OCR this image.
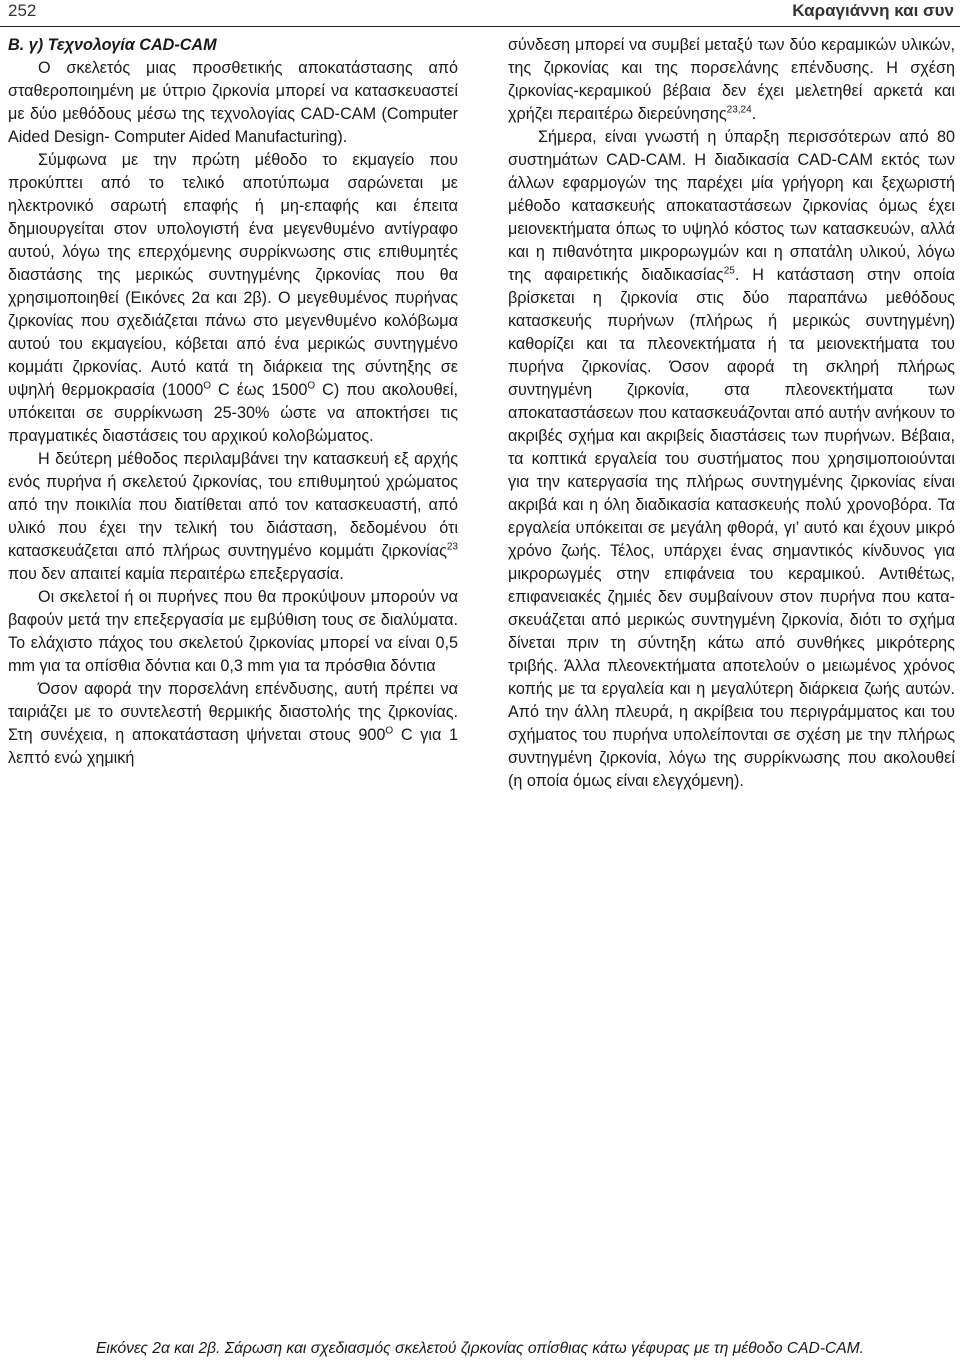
252	Καραγιάννη και συν

Β. γ) Τεχνολογία CAD-CAM

Ο σκελετός μιας προσθετικής αποκατάστασης από σταθεροποιημένη με ύττριο ζιρκονία μπορεί να κατασκευαστεί με δύο μεθόδους μέσω της τεχνολογίας CAD-CAM (Computer Aided Design- Computer Aided Manufacturing).

Σύμφωνα με την πρώτη μέθοδο το εκμαγείο που προκύπτει από το τελικό αποτύπωμα σαρώνεται με ηλεκτρονικό σαρωτή επαφής ή μη-επαφής και έπειτα δημιουργείται στον υπολογιστή ένα μεγενθυμένο αντίγραφο αυτού, λόγω της επερχόμενης συρρίκνωσης στις επιθυμητές διαστάσης της μερικώς συντηγμένης ζιρκονίας που θα χρησιμοποιηθεί (Εικόνες 2α και 2β). Ο μεγεθυμένος πυρήνας ζιρκονίας που σχεδιάζεται πάνω στο μεγενθυμένο κολόβωμα αυτού του εκμαγείου, κόβεται από ένα μερικώς συντηγμένο κομμάτι ζιρκονίας. Αυτό κατά τη διάρκεια της σύντηξης σε υψηλή θερμοκρασία ($1000^O$ C έως $1500^O$ C) που ακολουθεί, υπόκειται σε συρρίκνωση 25-30% ώστε να αποκτήσει τις πραγματικές διαστάσεις του αρχικού κολοβώματος.

Η δεύτερη μέθοδος περιλαμβάνει την κατασκευή εξ αρχής ενός πυρήνα ή σκελετού ζιρκονίας, του επιθυμητού χρώματος από την ποικιλία που διατίθεται από τον κατασκευαστή, από υλικό που έχει την τελική του διάσταση, δεδομένου ότι κατασκευάζεται από πλήρως συντηγμένο κομμάτι ζιρκονίας$^{23}$ που δεν απαιτεί καμία περαιτέρω επεξεργασία.

Οι σκελετοί ή οι πυρήνες που θα προκύψουν μπορούν να βαφούν μετά την επεξεργασία με εμβύθιση τους σε διαλύματα. Το ελάχιστο πάχος του σκελετού ζιρκονίας μπορεί να είναι 0,5 mm για τα οπίσθια δόντια και 0,3 mm για τα πρόσθια δόντια

Όσον αφορά την πορσελάνη επένδυσης, αυτή πρέπει να ταιριάζει με το συντελεστή θερμικής διαστολής της ζιρκονίας. Στη συνέχεια, η αποκατάσταση ψήνεται στους $900^O$ C για 1 λεπτό ενώ χημική

σύνδεση μπορεί να συμβεί μεταξύ των δύο κεραμικών υλικών, της ζιρκονίας και της πορσελάνης επένδυσης. Η σχέση ζιρκονίας-κεραμικού βέβαια δεν έχει μελετηθεί αρκετά και χρήζει περαιτέρω διερεύνησης$^{23,24}$.

Σήμερα, είναι γνωστή η ύπαρξη περισσότερων από 80 συστημάτων CAD-CAM. Η διαδικασία CAD-CAM εκτός των άλλων εφαρμογών της παρέχει μία γρήγορη και ξεχωριστή μέθοδο κατασκευής αποκαταστάσεων ζιρκονίας όμως έχει μειονεκτήματα όπως το υψηλό κόστος των κατασκευών, αλλά και η πιθανότητα μικρορωγμών και η σπατάλη υλικού, λόγω της αφαιρετικής διαδικασίας$^{25}$. Η κατάσταση στην οποία βρίσκεται η ζιρκονία στις δύο παραπάνω μεθόδους κατασκευής πυρήνων (πλήρως ή μερικώς συντηγμένη) καθορίζει και τα πλεονεκτήματα ή τα μειονεκτήματα του πυρήνα ζιρκονίας. Όσον αφορά τη σκληρή πλήρως συντηγμένη ζιρκονία, στα πλεονεκτήματα των αποκαταστάσεων που κατασκευάζονται από αυτήν ανήκουν το ακριβές σχήμα και ακριβείς διαστάσεις των πυρήνων. Βέβαια, τα κοπτικά εργαλεία του συστήματος που χρησιμοποιούνται για την κατεργασία της πλήρως συντηγμένης ζιρκονίας είναι ακριβά και η όλη διαδικασία κατασκευής πολύ χρονοβόρα. Τα εργαλεία υπόκειται σε μεγάλη φθορά, γι’ αυτό και έχουν μικρό χρόνο ζωής. Τέλος, υπάρχει ένας σημαντικός κίνδυνος για μικρορωγμές στην επιφάνεια του κεραμικού. Αντιθέτως, επιφανειακές ζημιές δεν συμβαίνουν στον πυρήνα που κατασκευάζεται από μερικώς συντηγμένη ζιρκονία, διότι το σχήμα δίνεται πριν τη σύντηξη κάτω από συνθήκες μικρότερης τριβής. Άλλα πλεονεκτήματα αποτελούν ο μειωμένος χρόνος κοπής με τα εργαλεία και η μεγαλύτερη διάρκεια ζωής αυτών. Από την άλλη πλευρά, η ακρίβεια του περιγράμματος και του σχήματος του πυρήνα υπολείπονται σε σχέση με την πλήρως συντηγμένη ζιρκονία, λόγω της συρρίκνωσης που ακολουθεί (η οποία όμως είναι ελεγχόμενη).

Εικόνες 2α και 2β. Σάρωση και σχεδιασμός σκελετού ζιρκονίας οπίσθιας κάτω γέφυρας με τη μέθοδο CAD-CAM.
